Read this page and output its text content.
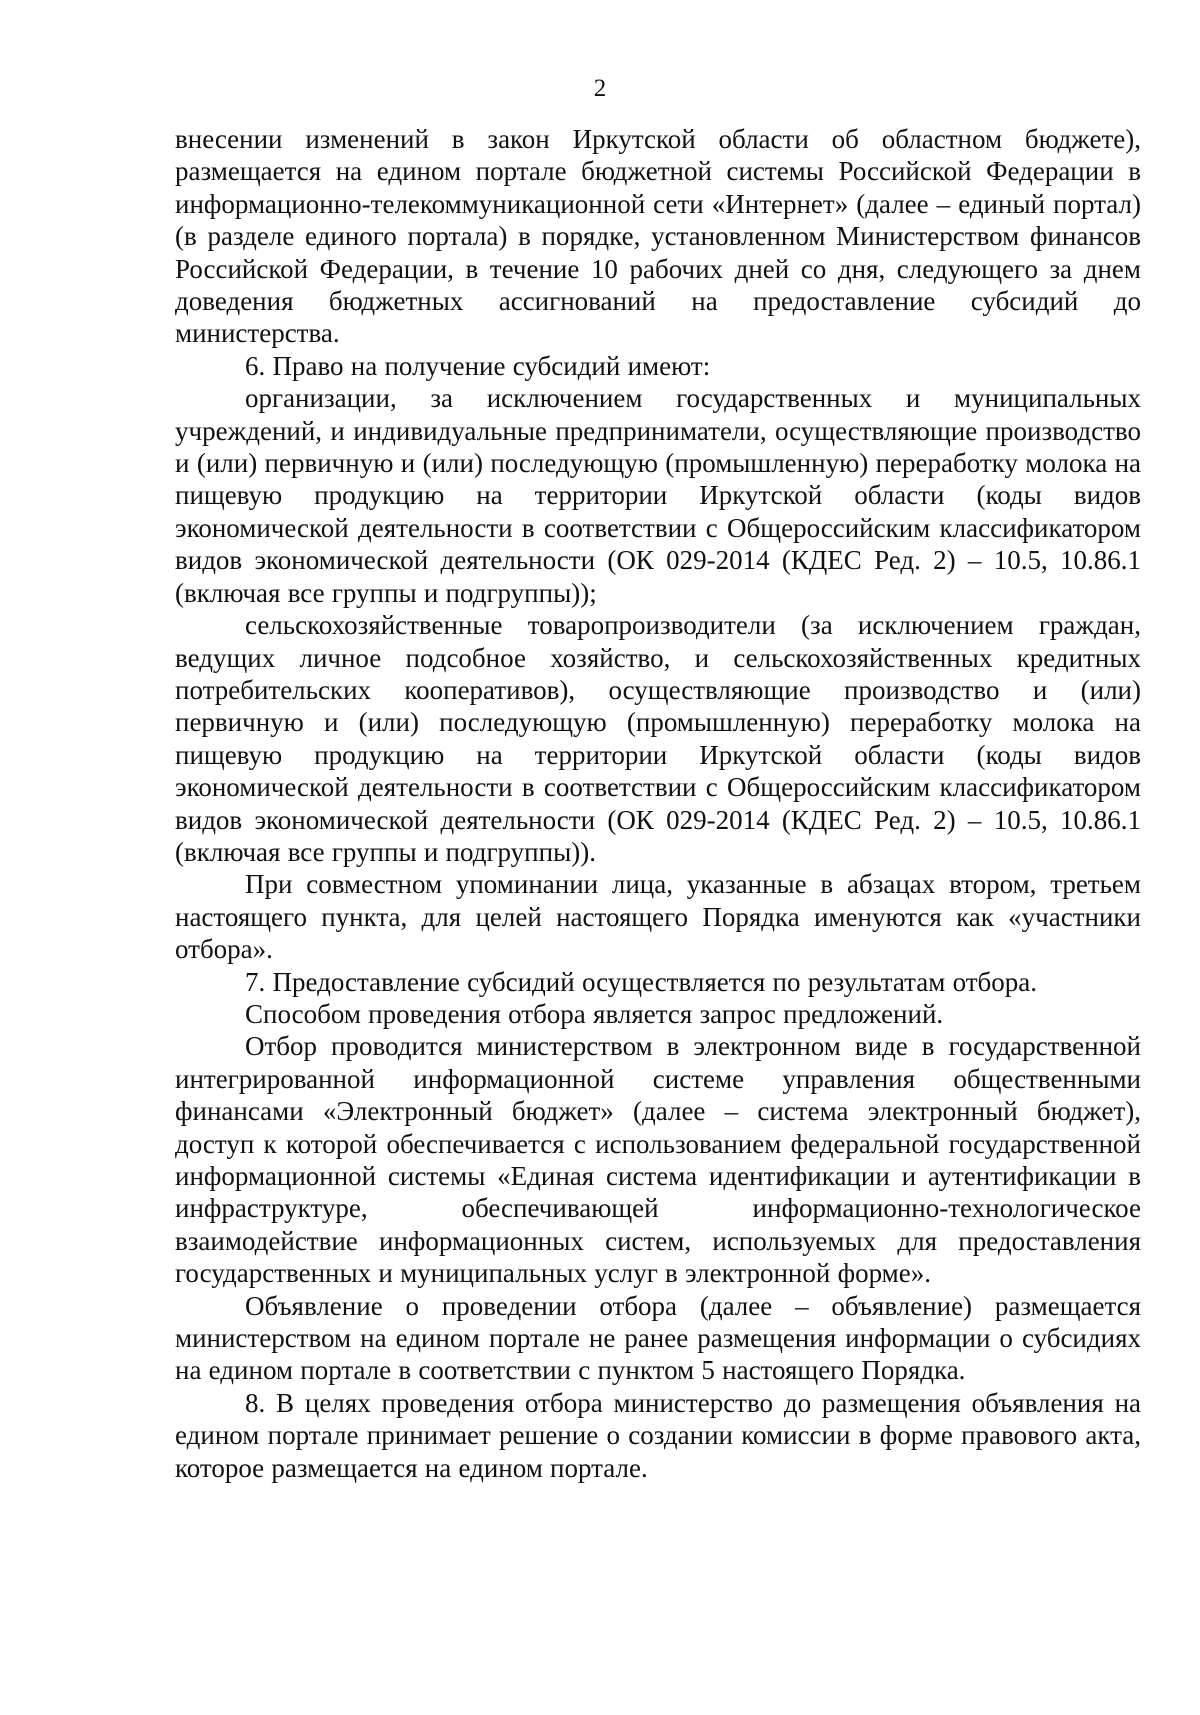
2

внесении изменений в закон Иркутской области об областном бюджете), размещается на едином портале бюджетной системы Российской Федерации в информационно-телекоммуникационной сети «Интернет» (далее – единый портал) (в разделе единого портала) в порядке, установленном Министерством финансов Российской Федерации, в течение 10 рабочих дней со дня, следующего за днем доведения бюджетных ассигнований на предоставление субсидий до министерства.

6. Право на получение субсидий имеют:

организации, за исключением государственных и муниципальных учреждений, и индивидуальные предприниматели, осуществляющие производство и (или) первичную и (или) последующую (промышленную) переработку молока на пищевую продукцию на территории Иркутской области (коды видов экономической деятельности в соответствии с Общероссийским классификатором видов экономической деятельности (ОК 029-2014 (КДЕС Ред. 2) – 10.5, 10.86.1 (включая все группы и подгруппы));

сельскохозяйственные товаропроизводители (за исключением граждан, ведущих личное подсобное хозяйство, и сельскохозяйственных кредитных потребительских кооперативов), осуществляющие производство и (или) первичную и (или) последующую (промышленную) переработку молока на пищевую продукцию на территории Иркутской области (коды видов экономической деятельности в соответствии с Общероссийским классификатором видов экономической деятельности (ОК 029-2014 (КДЕС Ред. 2) – 10.5, 10.86.1 (включая все группы и подгруппы)).

При совместном упоминании лица, указанные в абзацах втором, третьем настоящего пункта, для целей настоящего Порядка именуются как «участники отбора».

7. Предоставление субсидий осуществляется по результатам отбора.

Способом проведения отбора является запрос предложений.

Отбор проводится министерством в электронном виде в государственной интегрированной информационной системе управления общественными финансами «Электронный бюджет» (далее – система электронный бюджет), доступ к которой обеспечивается с использованием федеральной государственной информационной системы «Единая система идентификации и аутентификации в инфраструктуре, обеспечивающей информационно-технологическое взаимодействие информационных систем, используемых для предоставления государственных и муниципальных услуг в электронной форме».

Объявление о проведении отбора (далее – объявление) размещается министерством на едином портале не ранее размещения информации о субсидиях на едином портале в соответствии с пунктом 5 настоящего Порядка.

8. В целях проведения отбора министерство до размещения объявления на едином портале принимает решение о создании комиссии в форме правового акта, которое размещается на едином портале.
